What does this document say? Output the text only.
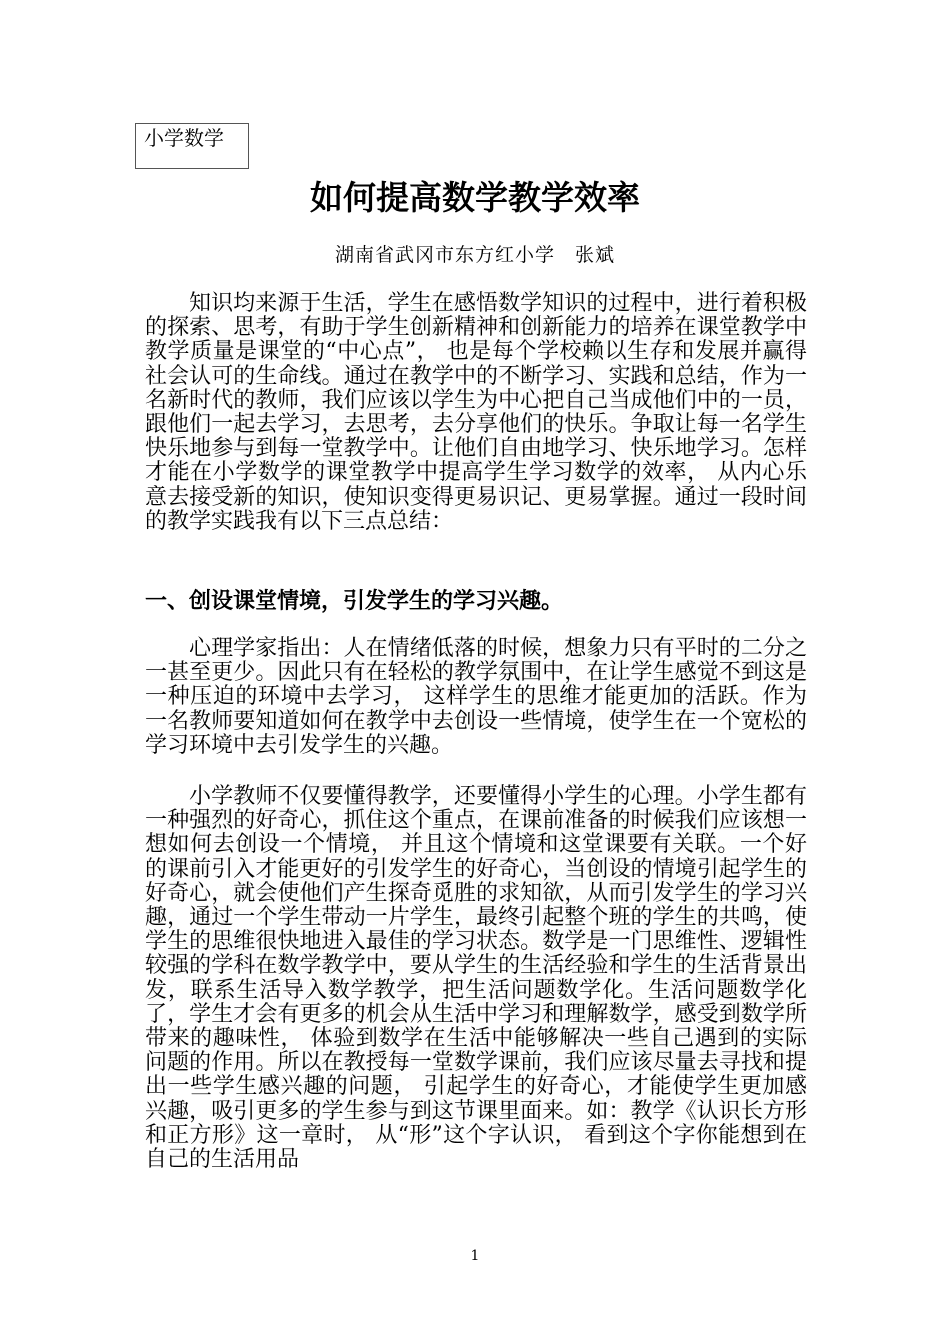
小学数学
如何提高数学教学效率
湖南省武冈市东方红小学　张斌

知识均来源于生活，学生在感悟数学知识的过程中，进行着积极的探索、思考，有助于学生创新精神和创新能力的培养在课堂教学中教学质量是课堂的“中心点”， 也是每个学校赖以生存和发展并赢得社会认可的生命线。通过在教学中的不断学习、实践和总结，作为一名新时代的教师，我们应该以学生为中心把自己当成他们中的一员，跟他们一起去学习，去思考，去分享他们的快乐。争取让每一名学生快乐地参与到每一堂教学中。让他们自由地学习、快乐地学习。怎样才能在小学数学的课堂教学中提高学生学习数学的效率， 从内心乐意去接受新的知识，使知识变得更易识记、更易掌握。通过一段时间的教学实践我有以下三点总结：

一、创设课堂情境，引发学生的学习兴趣。

心理学家指出：人在情绪低落的时候，想象力只有平时的二分之一甚至更少。因此只有在轻松的教学氛围中，在让学生感觉不到这是一种压迫的环境中去学习， 这样学生的思维才能更加的活跃。作为一名教师要知道如何在教学中去创设一些情境，使学生在一个宽松的学习环境中去引发学生的兴趣。

小学教师不仅要懂得教学，还要懂得小学生的心理。小学生都有一种强烈的好奇心，抓住这个重点，在课前准备的时候我们应该想一想如何去创设一个情境， 并且这个情境和这堂课要有关联。一个好的课前引入才能更好的引发学生的好奇心，当创设的情境引起学生的好奇心，就会使他们产生探奇觅胜的求知欲，从而引发学生的学习兴趣，通过一个学生带动一片学生，最终引起整个班的学生的共鸣，使学生的思维很快地进入最佳的学习状态。数学是一门思维性、逻辑性较强的学科在数学教学中，要从学生的生活经验和学生的生活背景出发，联系生活导入数学教学，把生活问题数学化。生活问题数学化了，学生才会有更多的机会从生活中学习和理解数学，感受到数学所带来的趣味性， 体验到数学在生活中能够解决一些自己遇到的实际问题的作用。所以在教授每一堂数学课前，我们应该尽量去寻找和提出一些学生感兴趣的问题， 引起学生的好奇心，才能使学生更加感兴趣，吸引更多的学生参与到这节课里面来。如：教学《认识长方形和正方形》这一章时， 从“形”这个字认识， 看到这个字你能想到在自己的生活用品

1
